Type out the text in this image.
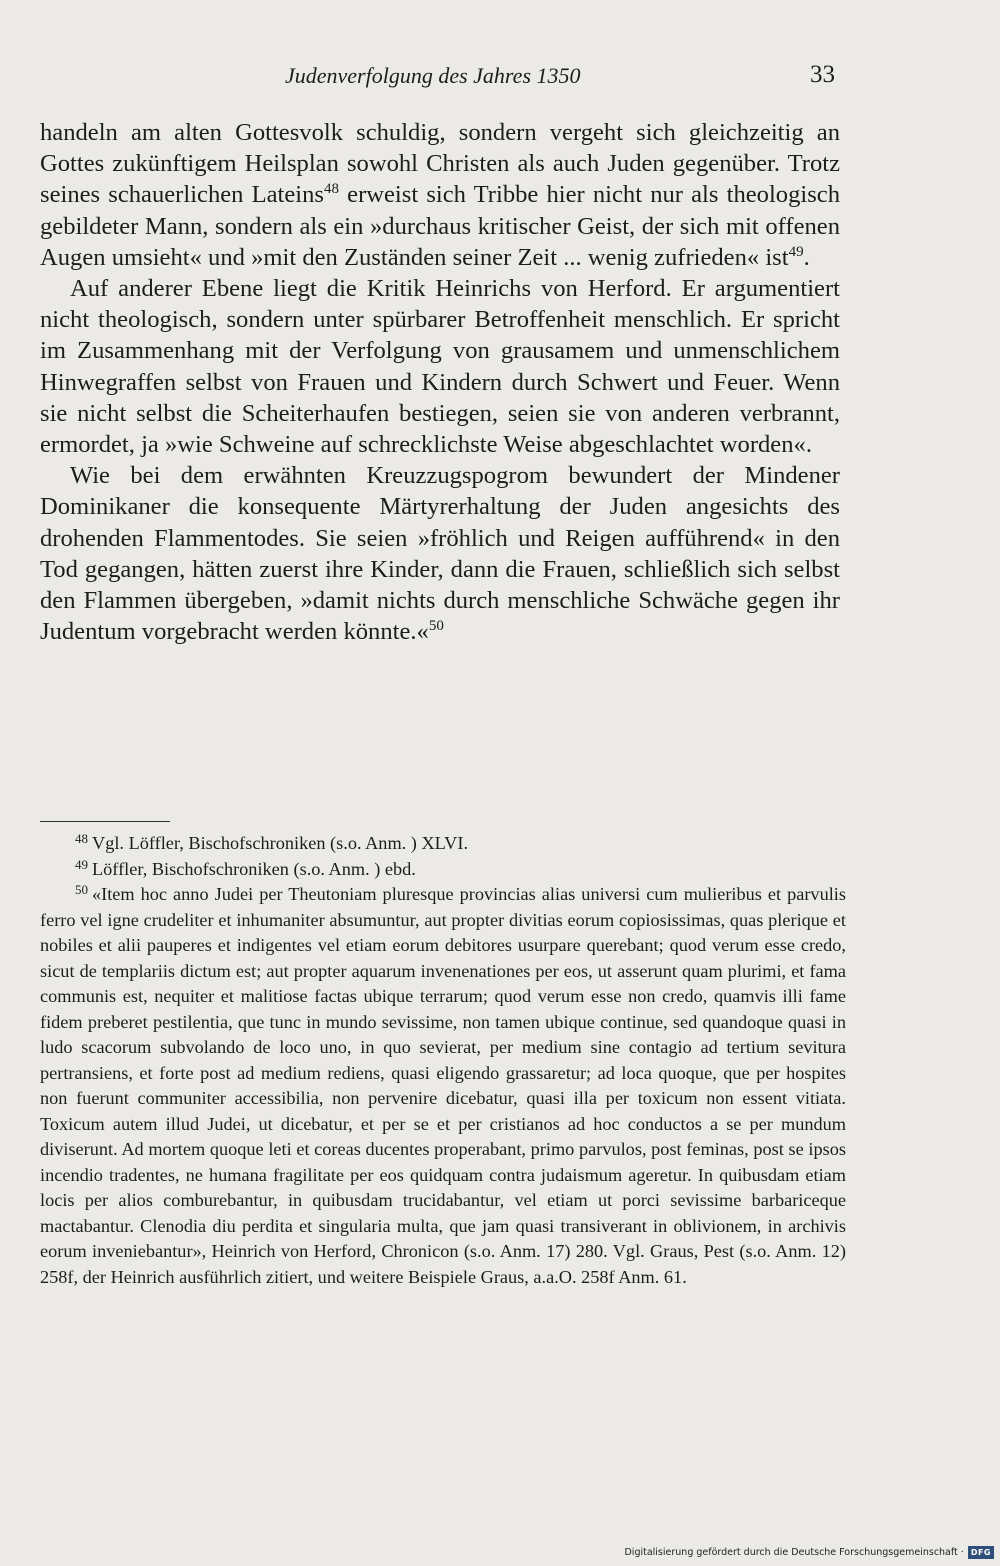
Judenverfolgung des Jahres 1350	33

handeln am alten Gottesvolk schuldig, sondern vergeht sich gleichzeitig an Gottes zukünftigem Heilsplan sowohl Christen als auch Juden gegenüber. Trotz seines schauerlichen Lateins$^{48}$ erweist sich Tribbe hier nicht nur als theologisch gebildeter Mann, sondern als ein »durchaus kritischer Geist, der sich mit offenen Augen umsieht« und »mit den Zuständen seiner Zeit ... wenig zufrieden« ist$^{49}$.

Auf anderer Ebene liegt die Kritik Heinrichs von Herford. Er argumentiert nicht theologisch, sondern unter spürbarer Betroffenheit menschlich. Er spricht im Zusammenhang mit der Verfolgung von grausamem und unmenschlichem Hinwegraffen selbst von Frauen und Kindern durch Schwert und Feuer. Wenn sie nicht selbst die Scheiterhaufen bestiegen, seien sie von anderen verbrannt, ermordet, ja »wie Schweine auf schrecklichste Weise abgeschlachtet worden«.

Wie bei dem erwähnten Kreuzzugspogrom bewundert der Mindener Dominikaner die konsequente Märtyrerhaltung der Juden angesichts des drohenden Flammentodes. Sie seien »fröhlich und Reigen aufführend« in den Tod gegangen, hätten zuerst ihre Kinder, dann die Frauen, schließlich sich selbst den Flammen übergeben, »damit nichts durch menschliche Schwäche gegen ihr Judentum vorgebracht werden könnte.«$^{50}$

$^{48}$ Vgl. Löffler, Bischofschroniken (s.o. Anm. ) XLVI.

$^{49}$ Löffler, Bischofschroniken (s.o. Anm. ) ebd.

$^{50}$ «Item hoc anno Judei per Theutoniam pluresque provincias alias universi cum mulieribus et parvulis ferro vel igne crudeliter et inhumaniter absumuntur, aut propter divitias eorum copiosissimas, quas plerique et nobiles et alii pauperes et indigentes vel etiam eorum debitores usurpare querebant; quod verum esse credo, sicut de templariis dictum est; aut propter aquarum invenenationes per eos, ut asserunt quam plurimi, et fama communis est, nequiter et malitiose factas ubique terrarum; quod verum esse non credo, quamvis illi fame fidem preberet pestilentia, que tunc in mundo sevissime, non tamen ubique continue, sed quandoque quasi in ludo scacorum subvolando de loco uno, in quo sevierat, per medium sine contagio ad tertium sevitura pertransiens, et forte post ad medium rediens, quasi eligendo grassaretur; ad loca quoque, que per hospites non fuerunt communiter accessibilia, non pervenire dicebatur, quasi illa per toxicum non essent vitiata. Toxicum autem illud Judei, ut dicebatur, et per se et per cristianos ad hoc conductos a se per mundum diviserunt. Ad mortem quoque leti et coreas ducentes properabant, primo parvulos, post feminas, post se ipsos incendio tradentes, ne humana fragilitate per eos quidquam contra judaismum ageretur. In quibusdam etiam locis per alios comburebantur, in quibusdam trucidabantur, vel etiam ut porci sevissime barbariceque mactabantur. Clenodia diu perdita et singularia multa, que jam quasi transiverant in oblivionem, in archivis eorum inveniebantur», Heinrich von Herford, Chronicon (s.o. Anm. 17) 280. Vgl. Graus, Pest (s.o. Anm. 12) 258f, der Heinrich ausführlich zitiert, und weitere Beispiele Graus, a.a.O. 258f Anm. 61.

Digitalisierung gefördert durch die Deutsche Forschungsgemeinschaft · DFG
